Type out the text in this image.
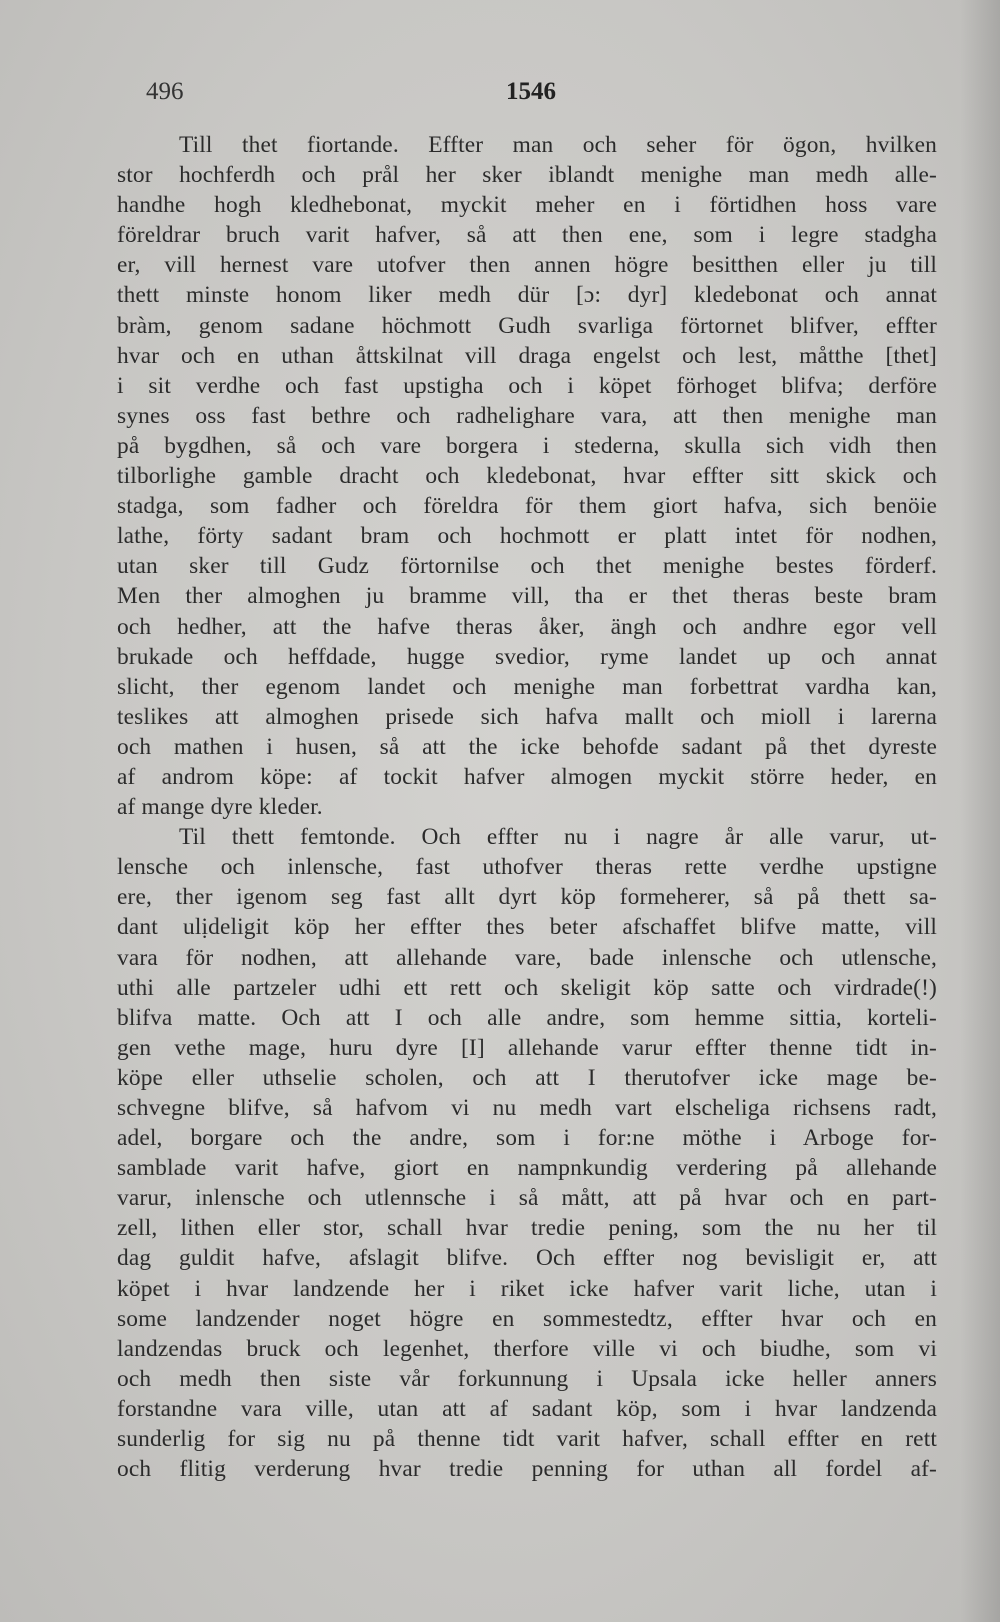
496	1546
Till thet fiortande. Effter man och seher för ögon, hvilken
stor hochferdh och prål her sker iblandt menighe man medh alle-
handhe hogh kledhebonat, myckit meher en i förtidhen hoss vare
föreldrar bruch varit hafver, så att then ene, som i legre stadgha
er, vill hernest vare utofver then annen högre besitthen eller ju till
thett minste honom liker medh dür [ɔ: dyr] kledebonat och annat
bràm, genom sadane höchmott Gudh svarliga förtornet blifver, effter
hvar och en uthan åttskilnat vill draga engelst och lest, måtthe [thet]
i sit verdhe och fast upstigha och i köpet förhoget blifva; derföre
synes oss fast bethre och radhelighare vara, att then menighe man
på bygdhen, så och vare borgera i stederna, skulla sich vidh then
tilborlighe gamble dracht och kledebonat, hvar effter sitt skick och
stadga, som fadher och föreldra för them giort hafva, sich benöie
lathe, förty sadant bram och hochmott er platt intet för nodhen,
utan sker till Gudz förtornilse och thet menighe bestes förderf.
Men ther almoghen ju bramme vill, tha er thet theras beste bram
och hedher, att the hafve theras åker, ängh och andhre egor vell
brukade och heffdade, hugge svedior, ryme landet up och annat
slicht, ther egenom landet och menighe man forbettrat vardha kan,
teslikes att almoghen prisede sich hafva mallt och mioll i larerna
och mathen i husen, så att the icke behofde sadant på thet dyreste
af androm köpe: af tockit hafver almogen myckit större heder, en
af mange dyre kleder.
Til thett femtonde. Och effter nu i nagre år alle varur, ut-
lensche och inlensche, fast uthofver theras rette verdhe upstigne
ere, ther igenom seg fast allt dyrt köp formeherer, så på thett sa-
dant ulịdeligit köp her effter thes beter afschaffet blifve matte, vill
vara för nodhen, att allehande vare, bade inlensche och utlensche,
uthi alle partzeler udhi ett rett och skeligit köp satte och virdrade(!)
blifva matte. Och att I och alle andre, som hemme sittia, korteli-
gen vethe mage, huru dyre [I] allehande varur effter thenne tidt in-
köpe eller uthselie scholen, och att I therutofver icke mage be-
schvegne blifve, så hafvom vi nu medh vart elscheliga richsens radt,
adel, borgare och the andre, som i for:ne möthe i Arboge for-
samblade varit hafve, giort en nampnkundig verdering på allehande
varur, inlensche och utlennsche i så mått, att på hvar och en part-
zell, lithen eller stor, schall hvar tredie pening, som the nu her til
dag guldit hafve, afslagit blifve. Och effter nog bevisligit er, att
köpet i hvar landzende her i riket icke hafver varit liche, utan i
some landzender noget högre en sommestedtz, effter hvar och en
landzendas bruck och legenhet, therfore ville vi och biudhe, som vi
och medh then siste vår forkunnung i Upsala icke heller anners
forstandne vara ville, utan att af sadant köp, som i hvar landzenda
sunderlig for sig nu på thenne tidt varit hafver, schall effter en rett
och flitig verderung hvar tredie penning for uthan all fordel af-
